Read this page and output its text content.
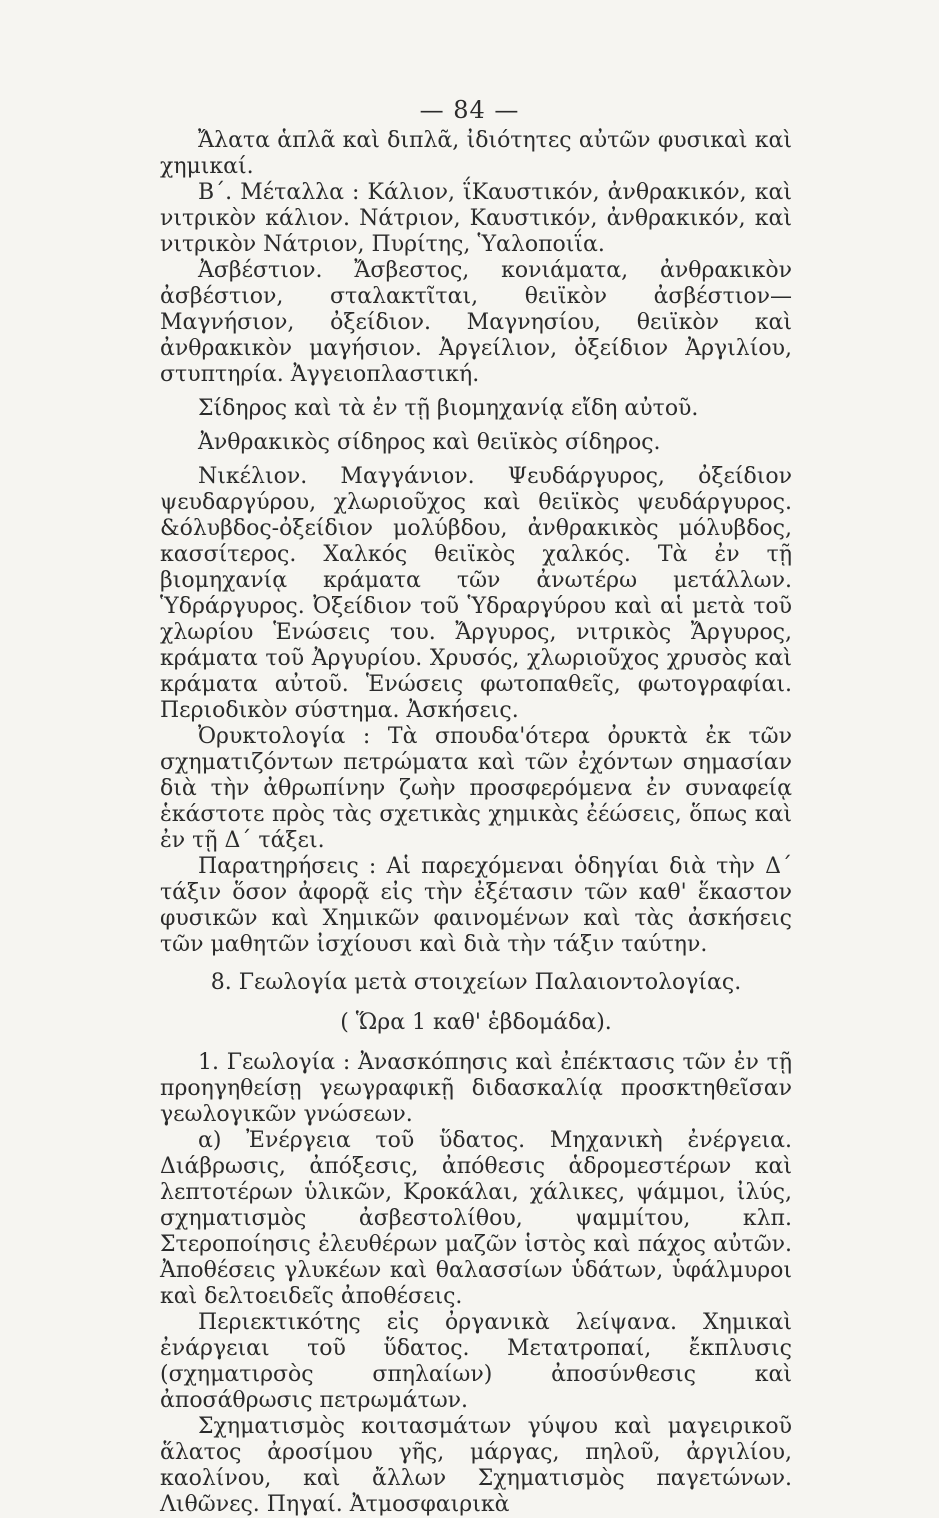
— 84 —

Ἄλατα ἁπλᾶ καὶ διπλᾶ, ἰδιότητες αὐτῶν φυσικαὶ καὶ χημικαί.

Β΄. Μέταλλα : Κάλιον, ΐΚαυστικόν, ἀνθρακικόν, καὶ νιτρικὸν κάλιον. Νάτριον, Καυστικόν, ἀνθρακικόν, καὶ νιτρικὸν Νάτριον, Πυρίτης, Ὑαλοποιΐα.

Ἀσβέστιον. Ἄσβεστος, κονιάματα, ἀνθρακικὸν ἀσβέστιον, σταλακτῖται, θειϊκὸν ἀσβέστιον—Μαγνήσιον, ὀξείδιον. Μαγνησίου, θειϊκὸν καὶ ἀνθρακικὸν μαγήσιον. Ἀργείλιον, ὀξείδιον Ἀργιλίου, στυπτηρία. Ἀγγειοπλαστική.

Σίδηρος καὶ τὰ ἐν τῇ βιομηχανίᾳ εἴδη αὐτοῦ.

Ἀνθρακικὸς σίδηρος καὶ θειϊκὸς σίδηρος.

Νικέλιον. Μαγγάνιον. Ψευδάργυρος, ὀξείδιον ψευδαργύρου, χλωριοῦχος καὶ θειϊκὸς ψευδάργυρος. &όλυβδος-ὀξείδιον μολύβδου, ἀνθρακικὸς μόλυβδος, κασσίτερος. Χαλκός θειϊκὸς χαλκός. Τὰ ἐν τῇ βιομηχανίᾳ κράματα τῶν ἀνωτέρω μετάλλων. Ὑδράργυρος. Ὀξείδιον τοῦ Ὑδραργύρου καὶ αἱ μετὰ τοῦ χλωρίου Ἑνώσεις του. Ἄργυρος, νιτρικὸς Ἄργυρος, κράματα τοῦ Ἀργυρίου. Χρυσός, χλωριοῦχος χρυσὸς καὶ κράματα αὐτοῦ. Ἑνώσεις φωτοπαθεῖς, φωτογραφίαι. Περιοδικὸν σύστημα. Ἀσκήσεις.

Ὀρυκτολογία : Τὰ σπουδα'ότερα ὀρυκτὰ ἐκ τῶν σχηματιζόντων πετρώματα καὶ τῶν ἐχόντων σημασίαν διὰ τὴν ἀθρωπίνην ζωὴν προσφερόμενα ἐν συναφείᾳ ἑκάστοτε πρὸς τὰς σχετικὰς χημικὰς ἐέώσεις, ὅπως καὶ ἐν τῇ Δ΄ τάξει.

Παρατηρήσεις : Αἱ παρεχόμεναι ὁδηγίαι διὰ τὴν Δ΄ τάξιν ὅσον ἀφορᾷ εἰς τὴν ἐξέτασιν τῶν καθ' ἕκαστον φυσικῶν καὶ Χημικῶν φαινομένων καὶ τὰς ἀσκήσεις τῶν μαθητῶν ἰσχίουσι καὶ διὰ τὴν τάξιν ταύτην.

8. Γεωλογία μετὰ στοιχείων Παλαιοντολογίας.

( Ὥρα 1 καθ' ἑβδομάδα).

1. Γεωλογία : Ἀνασκόπησις καὶ ἐπέκτασις τῶν ἐν τῇ προηγηθείσῃ γεωγραφικῇ διδασκαλίᾳ προσκτηθεῖσαν γεωλογικῶν γνώσεων.

α) Ἐνέργεια τοῦ ὕδατος. Μηχανικὴ ἐνέργεια. Διάβρωσις, ἀπόξεσις, ἀπόθεσις ἁδρομεστέρων καὶ λεπτοτέρων ὑλικῶν, Κροκάλαι, χάλικες, ψάμμοι, ἰλύς, σχηματισμὸς ἀσβεστολίθου, ψαμμίτου, κλπ. Στεροποίησις ἐλευθέρων μαζῶν ἱστὸς καὶ πάχος αὐτῶν. Ἀποθέσεις γλυκέων καὶ θαλασσίων ὑδάτων, ὑφάλμυροι καὶ δελτοειδεῖς ἀποθέσεις.

Περιεκτικότης εἰς ὀργανικὰ λείψανα. Χημικαὶ ἐνάργειαι τοῦ ὕδατος. Μετατροπαί, ἔκπλυσις (σχηματιρσὸς σπηλαίων) ἀποσύνθεσις καὶ ἀποσάθρωσις πετρωμάτων.

Σχηματισμὸς κοιτασμάτων γύψου καὶ μαγειρικοῦ ἅλατος ἀροσίμου γῆς, μάργας, πηλοῦ, ἀργιλίου, καολίνου, καὶ ἄλλων Σχηματισμὸς παγετώνων. Λιθῶνες. Πηγαί. Ἀτμοσφαιρικὰ
